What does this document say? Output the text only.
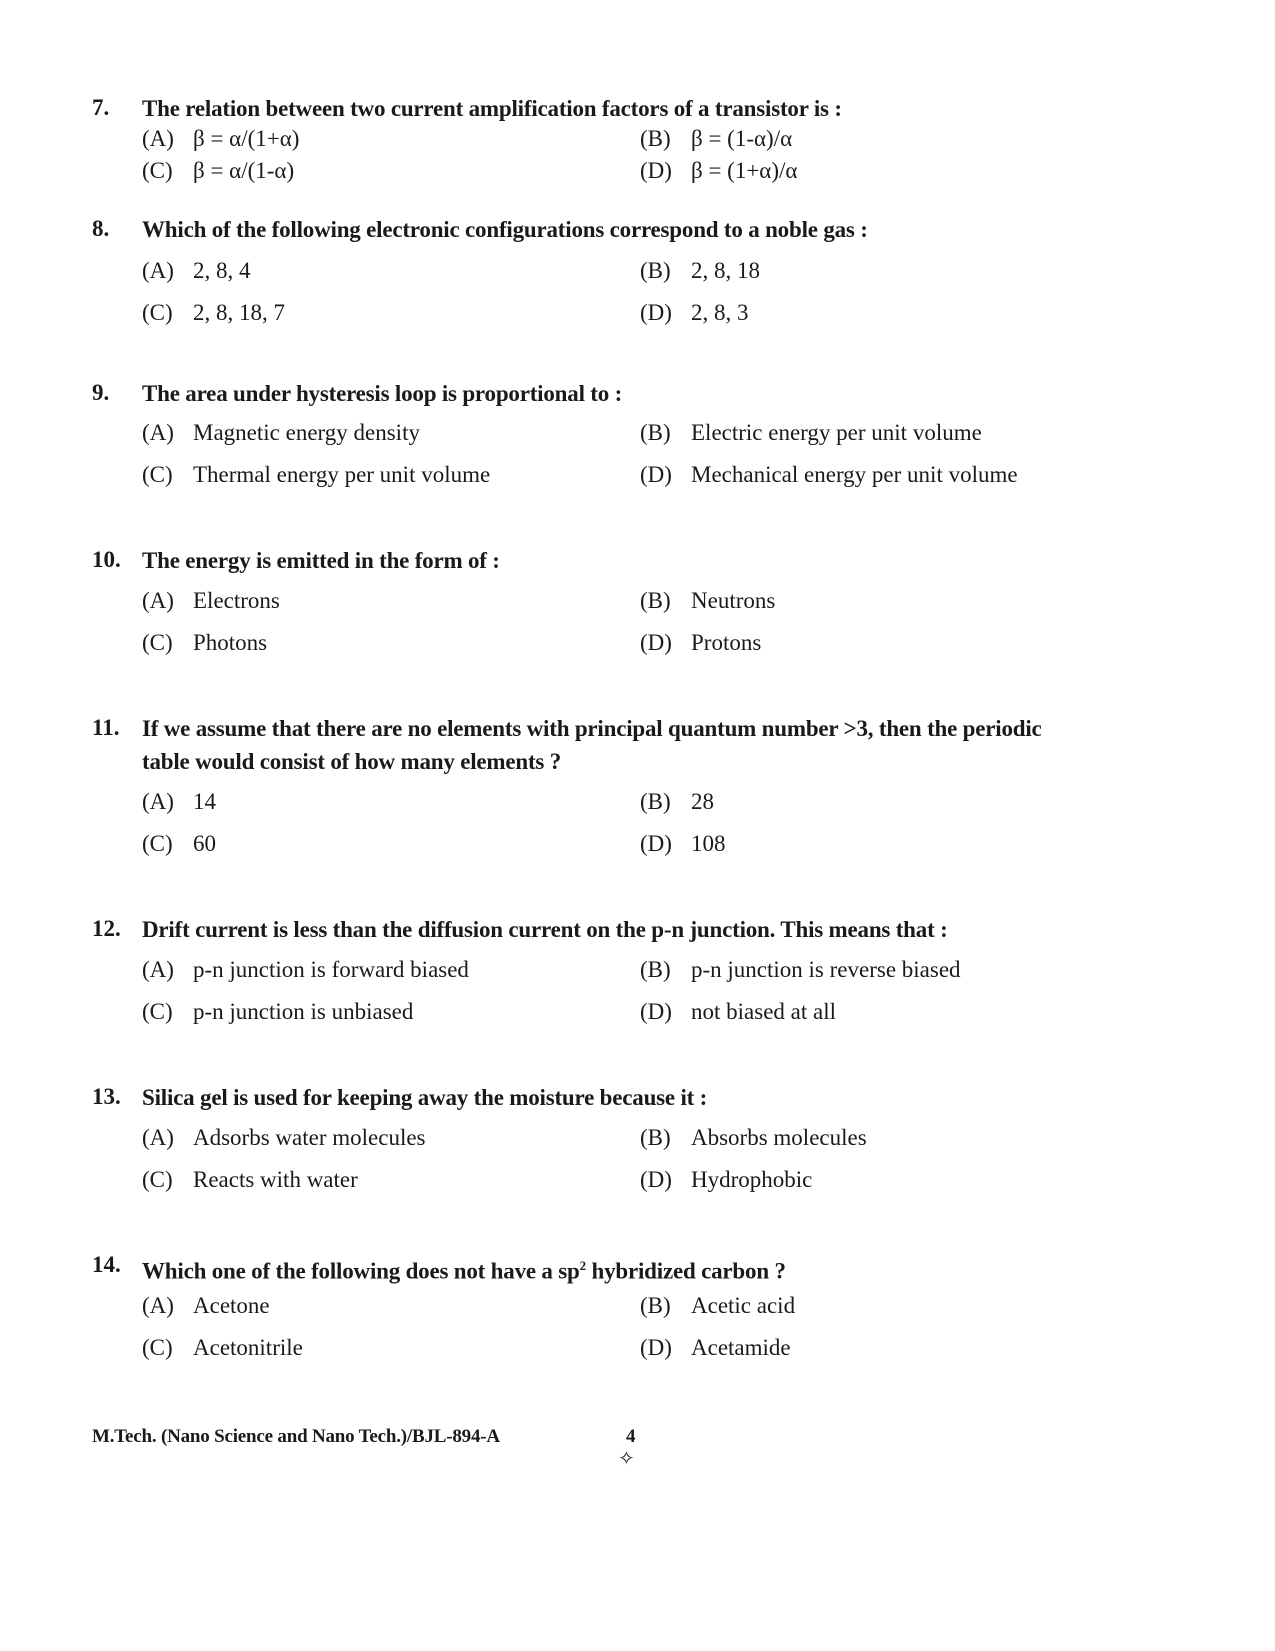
7. The relation between two current amplification factors of a transistor is :
(A) β = α/(1+α)	(B) β = (1-α)/α
(C) β = α/(1-α)	(D) β = (1+α)/α
8. Which of the following electronic configurations correspond to a noble gas :
(A) 2, 8, 4	(B) 2, 8, 18
(C) 2, 8, 18, 7	(D) 2, 8, 3
9. The area under hysteresis loop is proportional to :
(A) Magnetic energy density	(B) Electric energy per unit volume
(C) Thermal energy per unit volume	(D) Mechanical energy per unit volume
10. The energy is emitted in the form of :
(A) Electrons	(B) Neutrons
(C) Photons	(D) Protons
11. If we assume that there are no elements with principal quantum number >3, then the periodic
table would consist of how many elements ?
(A) 14	(B) 28
(C) 60	(D) 108
12. Drift current is less than the diffusion current on the p-n junction. This means that :
(A) p-n junction is forward biased	(B) p-n junction is reverse biased
(C) p-n junction is unbiased	(D) not biased at all
13. Silica gel is used for keeping away the moisture because it :
(A) Adsorbs water molecules	(B) Absorbs molecules
(C) Reacts with water	(D) Hydrophobic
14. Which one of the following does not have a $sp^2$ hybridized carbon ?
(A) Acetone	(B) Acetic acid
(C) Acetonitrile	(D) Acetamide
M.Tech. (Nano Science and Nano Tech.)/BJL-894-A	4
✧
